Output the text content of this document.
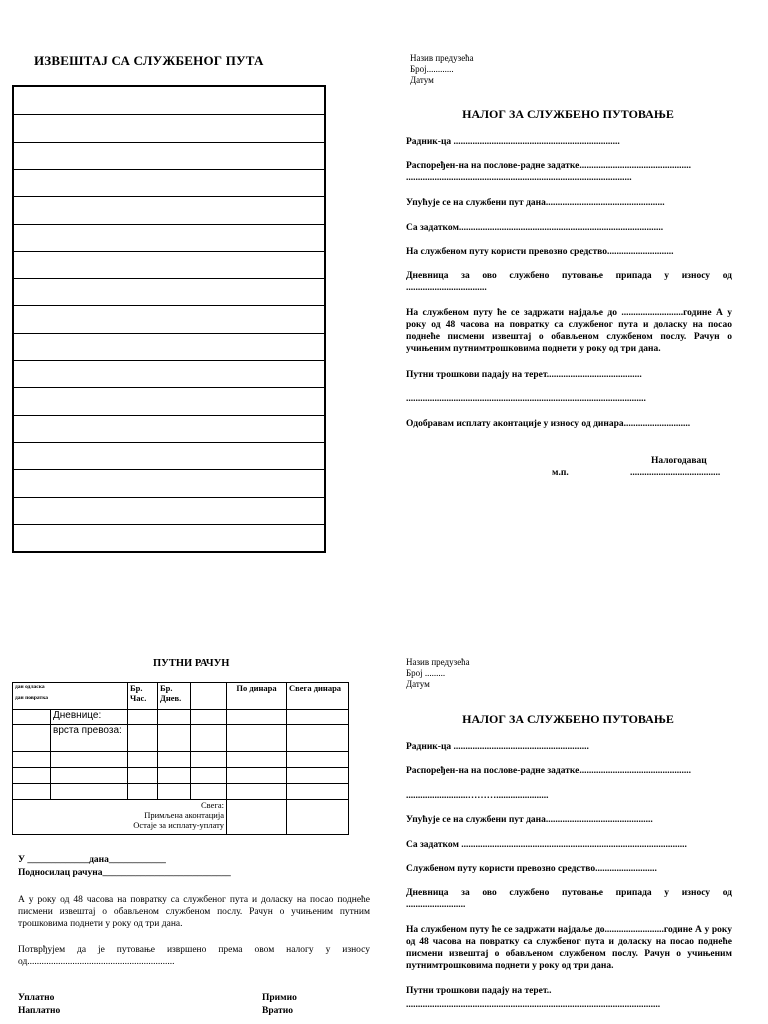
ИЗВЕШТАЈ СА СЛУЖБЕНОГ ПУТА	Назив предузећа
Број............
Датум
НАЛОГ ЗА СЛУЖБЕНО ПУТОВАЊЕ
Радник-ца ......................................................................
Распоређен-на на послове-радне задатке...............................................
...............................................................................................
Упућује се на службени пут дана..................................................
Са задатком......................................................................................
На службеном путу користи превозно средство............................
Дневница за ово службено путовање припада у износу од
..................................
На службеном путу ће се задржати најдаље до ..........................године А у року од 48 часова на повратку са службеног пута и доласку на посао поднеће писмени извештај о обављеном службеном послу. Рачун о учињеним путнимтрошковима поднети у року од три дана.
Путни трошкови падају на терет........................................
.....................................................................................................
Одобравам исплату аконтације у износу од динара............................
Налогодавац
м.п.	......................................
ПУТНИ РАЧУН
дан одласка
дан повратка		Бр. Час.	Бр. Днев.		По динара	Свега динара
	Дневнице:					
	врста превоза:					

Свега:
Примљена аконтација
Остаје за исплату-уплату						

У _____________дана____________
Подносилац рачуна___________________________
А у року од 48 часова на повратку са службеног пута и доласку на посао поднеће писмени извештај о обављеном службеном послу. Рачун о учињеним путним трошковима поднети у року од три дана.
Потврђујем да је путовање извршено према овом налогу у износу од..............................................................
Уплатно
Наплатно
Примио
Вратио
Назив предузећа
Број .........
Датум
НАЛОГ ЗА СЛУЖБЕНО ПУТОВАЊЕ
Радник-ца .........................................................
Распоређен-на на послове-радне задатке...............................................
..........................………......................
Упућује се на службени пут дана.............................................
Са задатком ...............................................................................................
Службеном путу користи превозно средство..........................
Дневница за ово службено путовање припада у износу од
.........................
На службеном путу ће се задржати најдаље до.........................године А у року од 48 часова на повратку са службеног пута и доласку на посао поднеће писмени извештај о обављеном службеном послу. Рачун о учињеним путнимтрошковима поднети у року од три дана.
Путни трошкови падају на терет..
...........................................................................................................
